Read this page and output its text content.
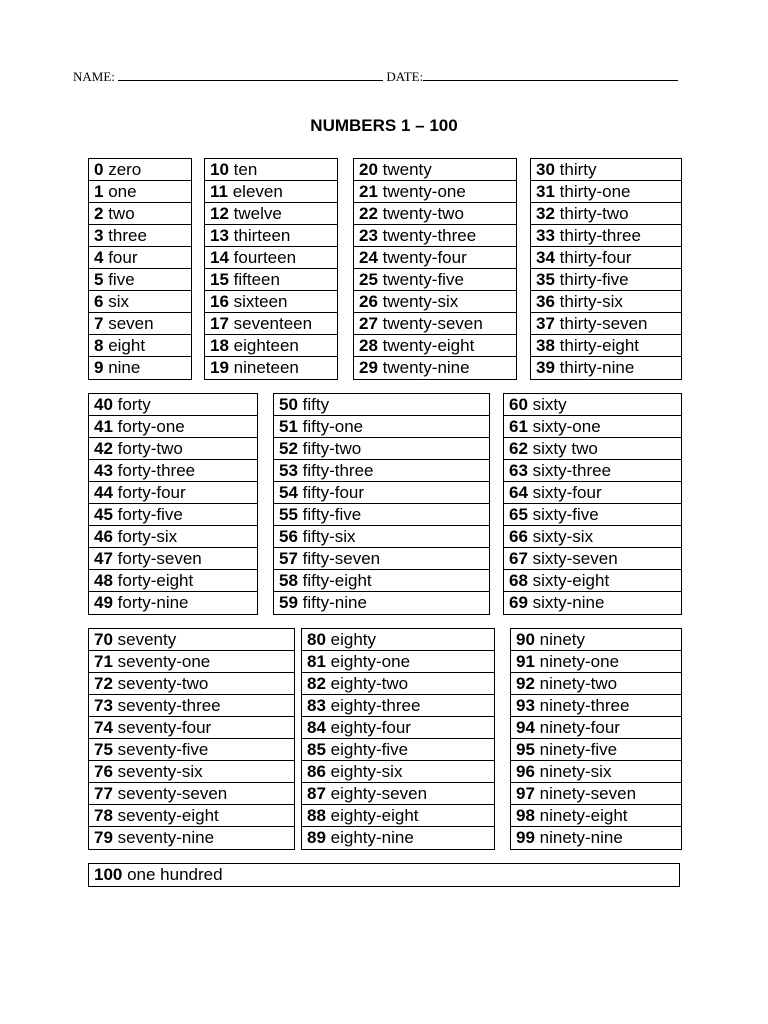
NAME:	DATE:
NUMBERS 1 – 100
0 zero
1 one
2 two
3 three
4 four
5 five
6 six
7 seven
8 eight
9 nine
10 ten
11 eleven
12 twelve
13 thirteen
14 fourteen
15 fifteen
16 sixteen
17 seventeen
18 eighteen
19 nineteen
20 twenty
21 twenty-one
22 twenty-two
23 twenty-three
24 twenty-four
25 twenty-five
26 twenty-six
27 twenty-seven
28 twenty-eight
29 twenty-nine
30 thirty
31 thirty-one
32 thirty-two
33 thirty-three
34 thirty-four
35 thirty-five
36 thirty-six
37 thirty-seven
38 thirty-eight
39 thirty-nine
40 forty
41 forty-one
42 forty-two
43 forty-three
44 forty-four
45 forty-five
46 forty-six
47 forty-seven
48 forty-eight
49 forty-nine
50 fifty
51 fifty-one
52 fifty-two
53 fifty-three
54 fifty-four
55 fifty-five
56 fifty-six
57 fifty-seven
58 fifty-eight
59 fifty-nine
60 sixty
61 sixty-one
62 sixty two
63 sixty-three
64 sixty-four
65 sixty-five
66 sixty-six
67 sixty-seven
68 sixty-eight
69 sixty-nine
70 seventy
71 seventy-one
72 seventy-two
73 seventy-three
74 seventy-four
75 seventy-five
76 seventy-six
77 seventy-seven
78 seventy-eight
79 seventy-nine
80 eighty
81 eighty-one
82 eighty-two
83 eighty-three
84 eighty-four
85 eighty-five
86 eighty-six
87 eighty-seven
88 eighty-eight
89 eighty-nine
90 ninety
91 ninety-one
92 ninety-two
93 ninety-three
94 ninety-four
95 ninety-five
96 ninety-six
97 ninety-seven
98 ninety-eight
99 ninety-nine
100 one hundred
